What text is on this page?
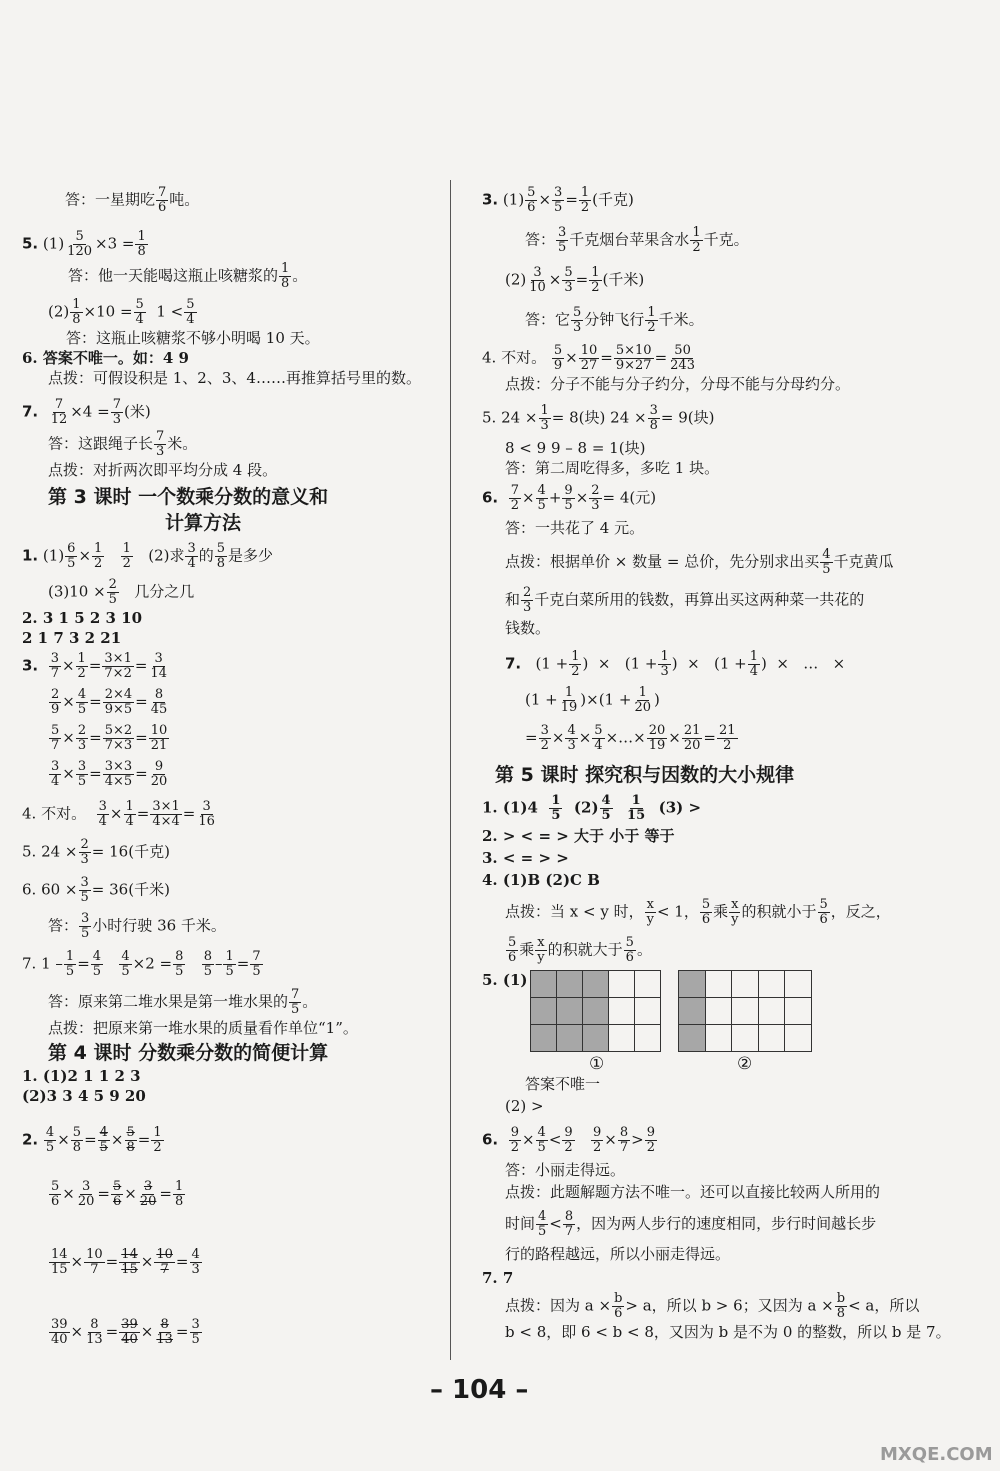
答：一星期吃 $\frac{7}{6}$ 吨。
5. $(1) \frac{5}{120} \times 3 = \frac{1}{8}$
答：他一天能喝这瓶止咳糖浆的 $\frac{1}{8}$ 。
$(2) \frac{1}{8} \times 10 = \frac{5}{4} 1 < \frac{5}{4}$
答：这瓶止咳糖浆不够小明喝 10 天。
6. 答案不唯一。如：4 9
点拨：可假设积是 1、2、3、4……再推算括号里的数。
7. $\frac{7}{12} \times 4 = \frac{7}{3}$ (米)
答：这跟绳子长 $\frac{7}{3}$ 米。
点拨：对折两次即平均分成 4 段。
第 3 课时 一个数乘分数的意义和
计算方法
1. $(1) \frac{6}{5} \times \frac{1}{2}$
$\frac{1}{2} (2)$求 $\frac{3}{4}$ 的 $\frac{5}{8}$ 是多少
$(3)10 \times \frac{2}{5}$ 几分之几
2. 3 1 5 2 3 10
2 1 7 3 2 21
3. $\frac{3}{7} \times \frac{1}{2} = \frac{3\times 1}{7\times 2} = \frac{3}{14}$
$\frac{2}{9} \times \frac{4}{5} = \frac{2\times 4}{9\times 5} = \frac{8}{45}$
$\frac{5}{7} \times \frac{2}{3} = \frac{5\times 2}{7\times 3} = \frac{10}{21}$
$\frac{3}{4} \times \frac{3}{5} = \frac{3\times 3}{4\times 5} = \frac{9}{20}$
4. 不对。 $\frac{3}{4} \times \frac{1}{4} = \frac{3\times 1}{4\times 4} = \frac{3}{16}$
5. $24 \times \frac{2}{3} = 16$(千克)
6. $60 \times \frac{3}{5} = 36$(千米)
答： $\frac{3}{5}$ 小时行驶 36 千米。
7. $1 - \frac{1}{5} = \frac{4}{5}$
$\frac{4}{5} \times 2 = \frac{8}{5}$
$\frac{8}{5} - \frac{1}{5} = \frac{7}{5}$
答：原来第二堆水果是第一堆水果的 $\frac{7}{5}$ 。
点拨：把原来第一堆水果的质量看作单位“1”。
第 4 课时 分数乘分数的简便计算
1. (1)2 1 1 2 3
(2)3 3 4 5 9 20
2. $\frac{4}{5} \times \frac{5}{8} = \frac{4}{5} \times \frac{5}{8} = \frac{1}{2}$
$\frac{5}{6} \times \frac{3}{20} = \frac{5}{6} \times \frac{3}{20} = \frac{1}{8}$
$\frac{14}{15} \times \frac{10}{7} = \frac{14}{15} \times \frac{10}{7} = \frac{4}{3}$
$\frac{39}{40} \times \frac{8}{13} = \frac{39}{40} \times \frac{8}{13} = \frac{3}{5}$
3. $(1) \frac{5}{6} \times \frac{3}{5} = \frac{1}{2}$ (千克)
答： $\frac{3}{5}$ 千克烟台苹果含水 $\frac{1}{2}$ 千克。
$(2) \frac{3}{10} \times \frac{5}{3} = \frac{1}{2}$ (千米)
答：它 $\frac{5}{3}$ 分钟飞行 $\frac{1}{2}$ 千米。
4. 不对。 $\frac{5}{9} \times \frac{10}{27} = \frac{5\times 10}{9\times 27} = \frac{50}{243}$
点拨：分子不能与分子约分，分母不能与分母约分。
5. $24 \times \frac{1}{3} = 8$(块) $24 \times \frac{3}{8} = 9$(块)
8 < 9 9 – 8 = 1(块)
答：第二周吃得多，多吃 1 块。
6. $\frac{7}{2} \times \frac{4}{5} + \frac{9}{5} \times \frac{2}{3} = 4$(元)
答：一共花了 4 元。
点拨：根据单价 × 数量 = 总价，先分别求出买 $\frac{4}{5}$ 千克黄瓜
和 $\frac{2}{3}$ 千克白菜所用的钱数，再算出买这两种菜一共花的
钱数。
7.   ($1 + \frac{1}{2}$ )  ×   ($1 + \frac{1}{3}$ )  ×   ($1 + \frac{1}{4}$ )  ×   …   ×
$(1 + \frac{1}{19} )\times(1 + \frac{1}{20}$ )
= $\frac{3}{2} \times \frac{4}{3} \times \frac{5}{4}$ ×…× $\frac{20}{19} \times \frac{21}{20} = \frac{21}{2}$
第 5 课时 探究积与因数的大小规律
1. $(1)4 \frac{1}{5} (2) \frac{4}{5}$
$\frac{1}{15} (3)$ >
2. > < = > 大于 小于 等于
3. < = > >
4. (1)B (2)C B
点拨：当 x < y 时， $\frac{x}{y} < 1$， $\frac{5}{6}$ 乘 $\frac{x}{y}$ 的积就小于 $\frac{5}{6}$ ，反之，
$\frac{5}{6}$ 乘 $\frac{x}{y}$ 的积就大于 $\frac{5}{6}$ 。
5. (1)
①	②
答案不唯一
(2) >
6. $\frac{9}{2} \times \frac{4}{5} < \frac{9}{2}$
$\frac{9}{2} \times \frac{8}{7} > \frac{9}{2}$
答：小丽走得远。
点拨：此题解题方法不唯一。还可以直接比较两人所用的
时间 $\frac{4}{5} < \frac{8}{7}$ ，因为两人步行的速度相同，步行时间越长步
行的路程越远，所以小丽走得远。
7. 7
点拨：因为 $a \times \frac{b}{6} > a$，所以 b > 6；又因为 $a \times \frac{b}{8} < a$，所以
b < 8，即 6 < b < 8，又因为 b 是不为 0 的整数，所以 b 是 7。
– 104 –
MXQE.COM
